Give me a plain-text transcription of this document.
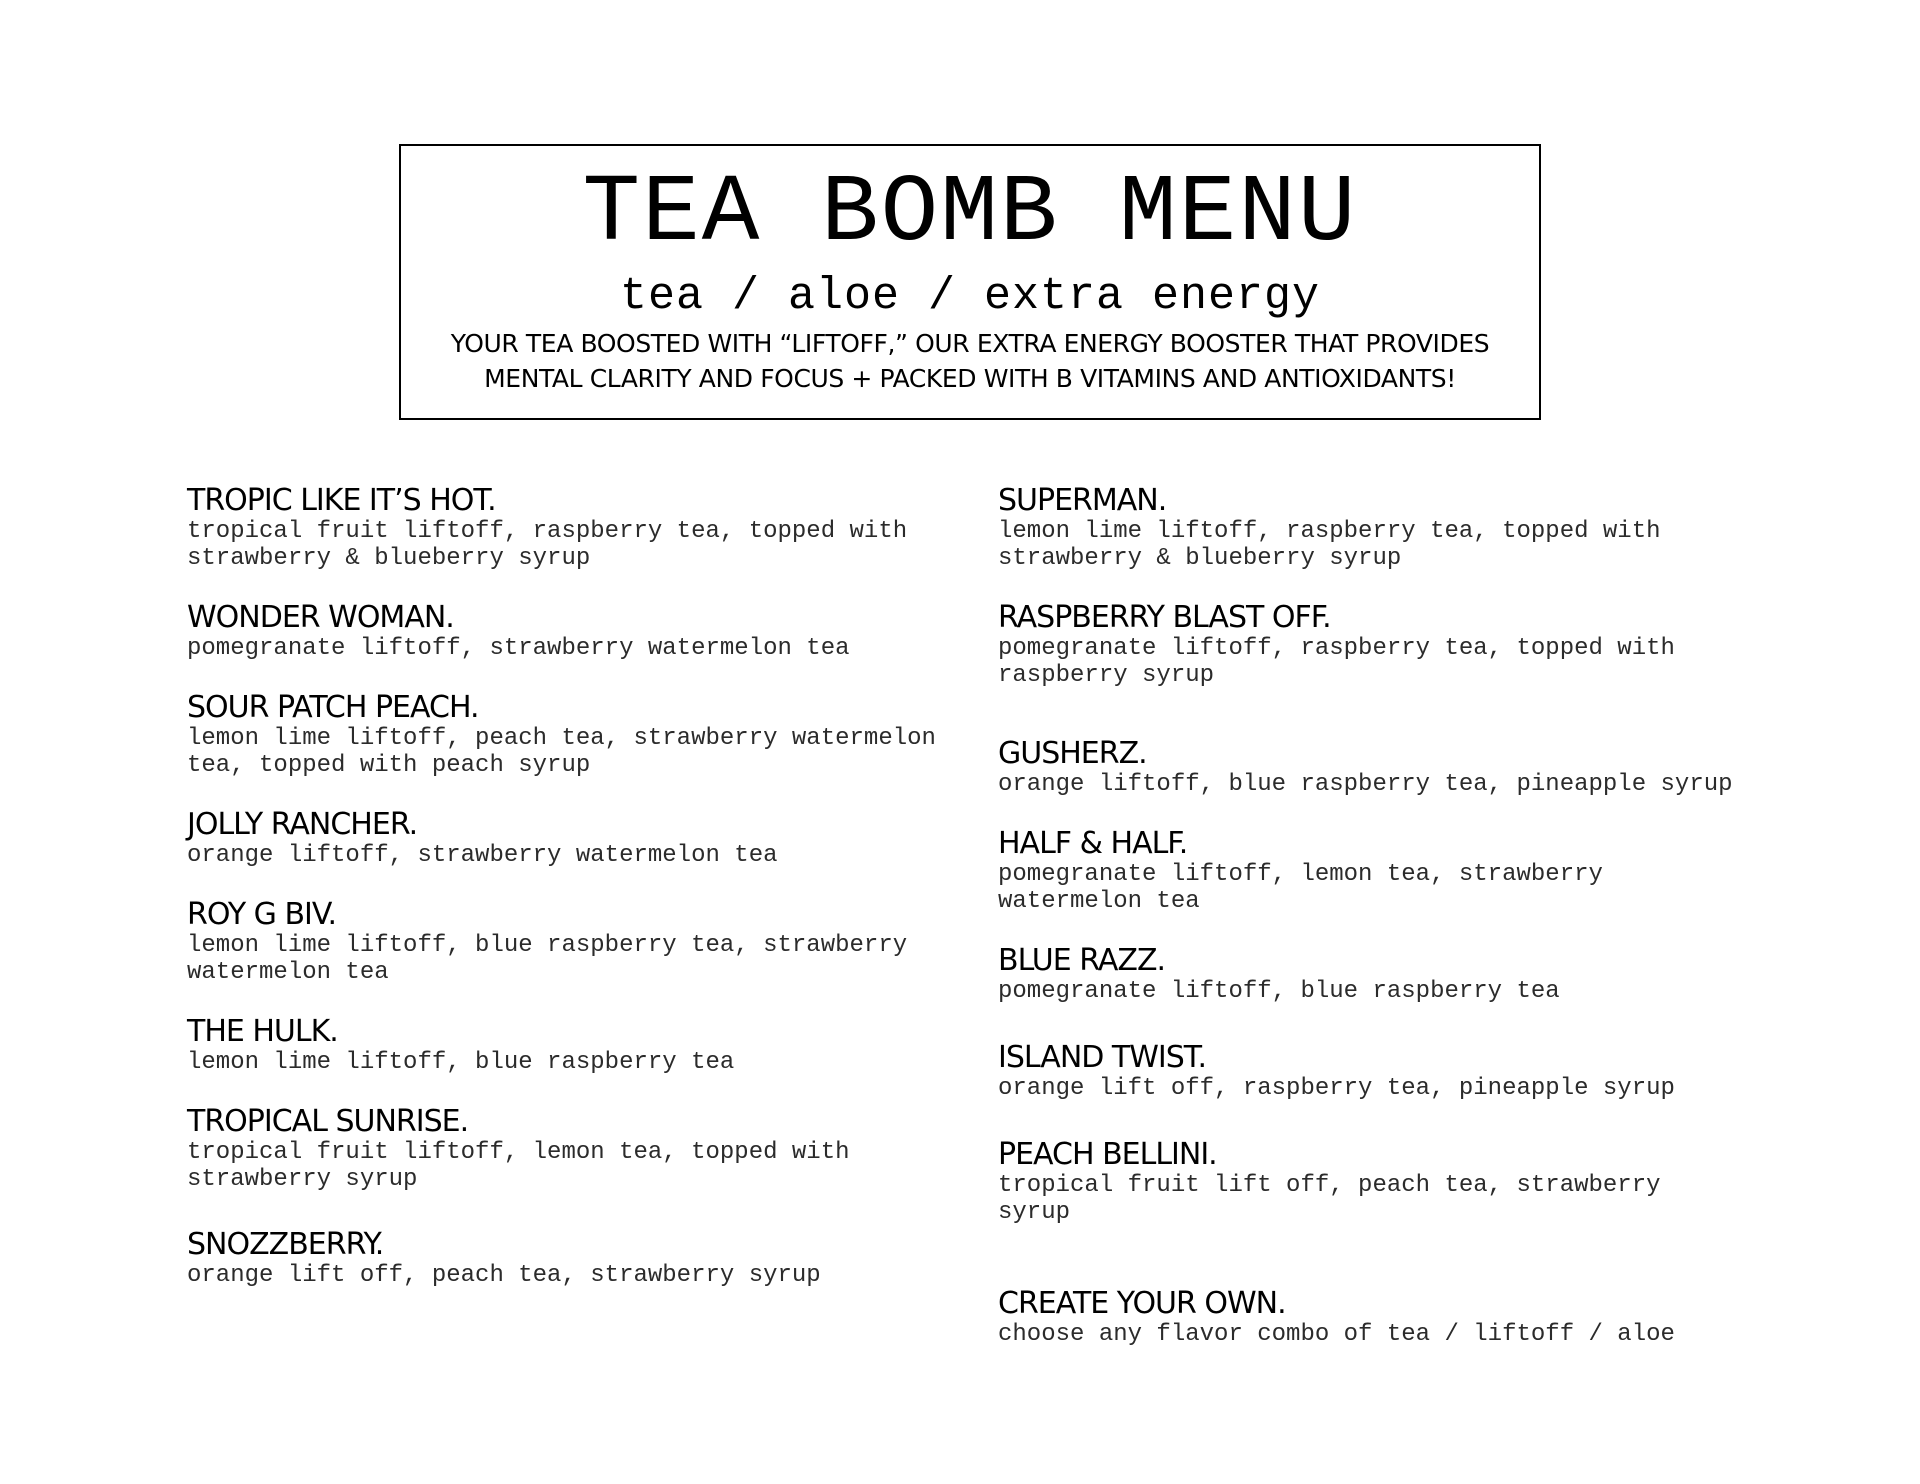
TEA BOMB MENU
tea / aloe / extra energy
YOUR TEA BOOSTED WITH “LIFTOFF,” OUR EXTRA ENERGY BOOSTER THAT PROVIDES
MENTAL CLARITY AND FOCUS + PACKED WITH B VITAMINS AND ANTIOXIDANTS!
TROPIC LIKE IT’S HOT.
tropical fruit liftoff, raspberry tea, topped with
strawberry & blueberry syrup
WONDER WOMAN.
pomegranate liftoff, strawberry watermelon tea
SOUR PATCH PEACH.
lemon lime liftoff, peach tea, strawberry watermelon
tea, topped with peach syrup
JOLLY RANCHER.
orange liftoff, strawberry watermelon tea
ROY G BIV.
lemon lime liftoff, blue raspberry tea, strawberry
watermelon tea
THE HULK.
lemon lime liftoff, blue raspberry tea
TROPICAL SUNRISE.
tropical fruit liftoff, lemon tea, topped with
strawberry syrup
SNOZZBERRY.
orange lift off, peach tea, strawberry syrup
SUPERMAN.
lemon lime liftoff, raspberry tea, topped with
strawberry & blueberry syrup
RASPBERRY BLAST OFF.
pomegranate liftoff, raspberry tea, topped with
raspberry syrup
GUSHERZ.
orange liftoff, blue raspberry tea, pineapple syrup
HALF & HALF.
pomegranate liftoff, lemon tea, strawberry
watermelon tea
BLUE RAZZ.
pomegranate liftoff, blue raspberry tea
ISLAND TWIST.
orange lift off, raspberry tea, pineapple syrup
PEACH BELLINI.
tropical fruit lift off, peach tea, strawberry
syrup
CREATE YOUR OWN.
choose any flavor combo of tea / liftoff / aloe
